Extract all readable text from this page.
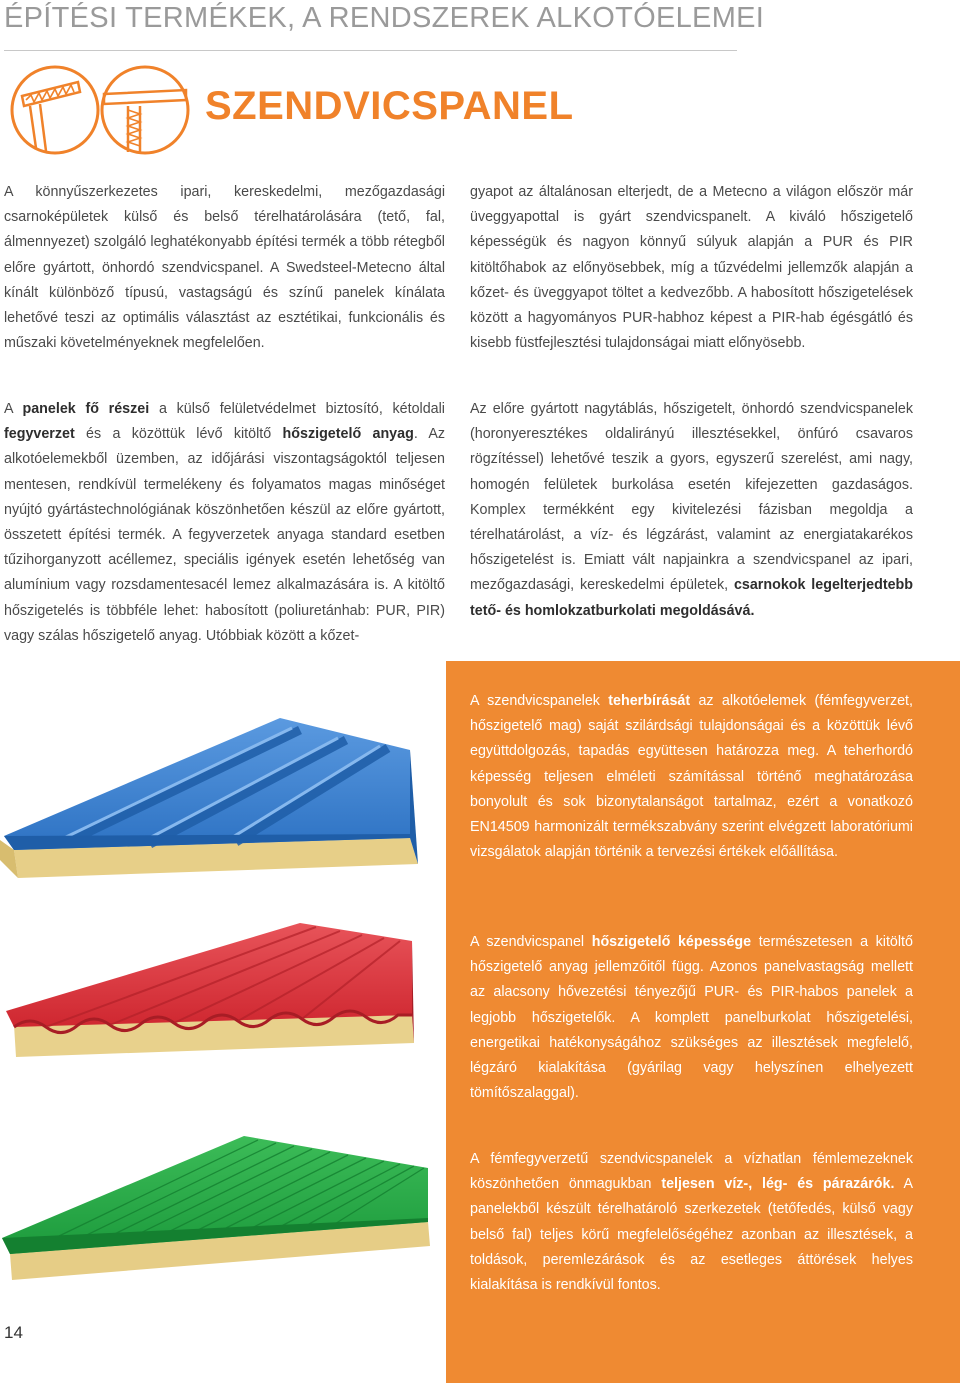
ÉPÍTÉSI TERMÉKEK, A RENDSZEREK ALKOTÓELEMEI
SZENDVICSPANEL

A könnyűszerkezetes ipari, kereskedelmi, mezőgazdasági csarnoképületek külső és belső térelhatárolására (tető, fal, álmennyezet) szolgáló leghatékonyabb építési termék a több rétegből előre gyártott, önhordó szendvicspanel. A Swedsteel-Metecno által kínált különböző típusú, vastagságú és színű panelek kínálata lehetővé teszi az optimális választást az esztétikai, funkcionális és műszaki követelményeknek megfelelően.

gyapot az általánosan elterjedt, de a Metecno a világon először már üveggyapottal is gyárt szendvicspanelt. A kiváló hőszigetelő képességük és nagyon könnyű súlyuk alapján a PUR és PIR kitöltőhabok az előnyösebbek, míg a tűzvédelmi jellemzők alapján a kőzet- és üveggyapot töltet a kedvezőbb. A habosított hőszigetelések között a hagyományos PUR-habhoz képest a PIR-hab égésgátló és kisebb füstfejlesztési tulajdonságai miatt előnyösebb.

A panelek fő részei a külső felületvédelmet biztosító, kétoldali fegyverzet és a közöttük lévő kitöltő hőszigetelő anyag. Az alkotóelemekből üzemben, az időjárási viszontagságoktól teljesen mentesen, rendkívül termelékeny és folyamatos magas minőséget nyújtó gyártástechnológiának köszönhetően készül az előre gyártott, összetett építési termék. A fegyverzetek anyaga standard esetben tűzihorganyzott acéllemez, speciális igények esetén lehetőség van alumínium vagy rozsdamentesacél lemez alkalmazására is. A kitöltő hőszigetelés is többféle lehet: habosított (poliuretánhab: PUR, PIR) vagy szálas hőszigetelő anyag. Utóbbiak között a kőzet-

Az előre gyártott nagytáblás, hőszigetelt, önhordó szendvicspanelek (horonyeresztékes oldalirányú illesztésekkel, önfúró csavaros rögzítéssel) lehetővé teszik a gyors, egyszerű szerelést, ami nagy, homogén felületek burkolása esetén kifejezetten gazdaságos. Komplex termékként egy kivitelezési fázisban megoldja a térelhatárolást, a víz- és légzárást, valamint az energiatakarékos hőszigetelést is. Emiatt vált napjainkra a szendvicspanel az ipari, mezőgazdasági, kereskedelmi épületek, csarnokok legelterjedtebb tető- és homlokzatburkolati megoldásává.

A szendvicspanelek teherbírását az alkotóelemek (fémfegyverzet, hőszigetelő mag) saját szilárdsági tulajdonságai és a közöttük lévő együttdolgozás, tapadás együttesen határozza meg. A teherhordó képesség teljesen elméleti számítással történő meghatározása bonyolult és sok bizonytalanságot tartalmaz, ezért a vonatkozó EN14509 harmonizált termékszabvány szerint elvégzett laboratóriumi vizsgálatok alapján történik a tervezési értékek előállítása.

A szendvicspanel hőszigetelő képessége természetesen a kitöltő hőszigetelő anyag jellemzőitől függ. Azonos panelvastagság mellett az alacsony hővezetési tényezőjű PUR- és PIR-habos panelek a legjobb hőszigetelők. A komplett panelburkolat hőszigetelési, energetikai hatékonyságához szükséges az illesztések megfelelő, légzáró kialakítása (gyárilag vagy helyszínen elhelyezett tömítőszalaggal).

A fémfegyverzetű szendvicspanelek a vízhatlan fémlemezeknek köszönhetően önmagukban teljesen víz-, lég- és párazárók. A panelekből készült térelhatároló szerkezetek (tetőfedés, külső vagy belső fal) teljes körű megfelelőségéhez azonban az illesztések, a toldások, peremlezárások és az esetleges áttörések helyes kialakítása is rendkívül fontos.

14
